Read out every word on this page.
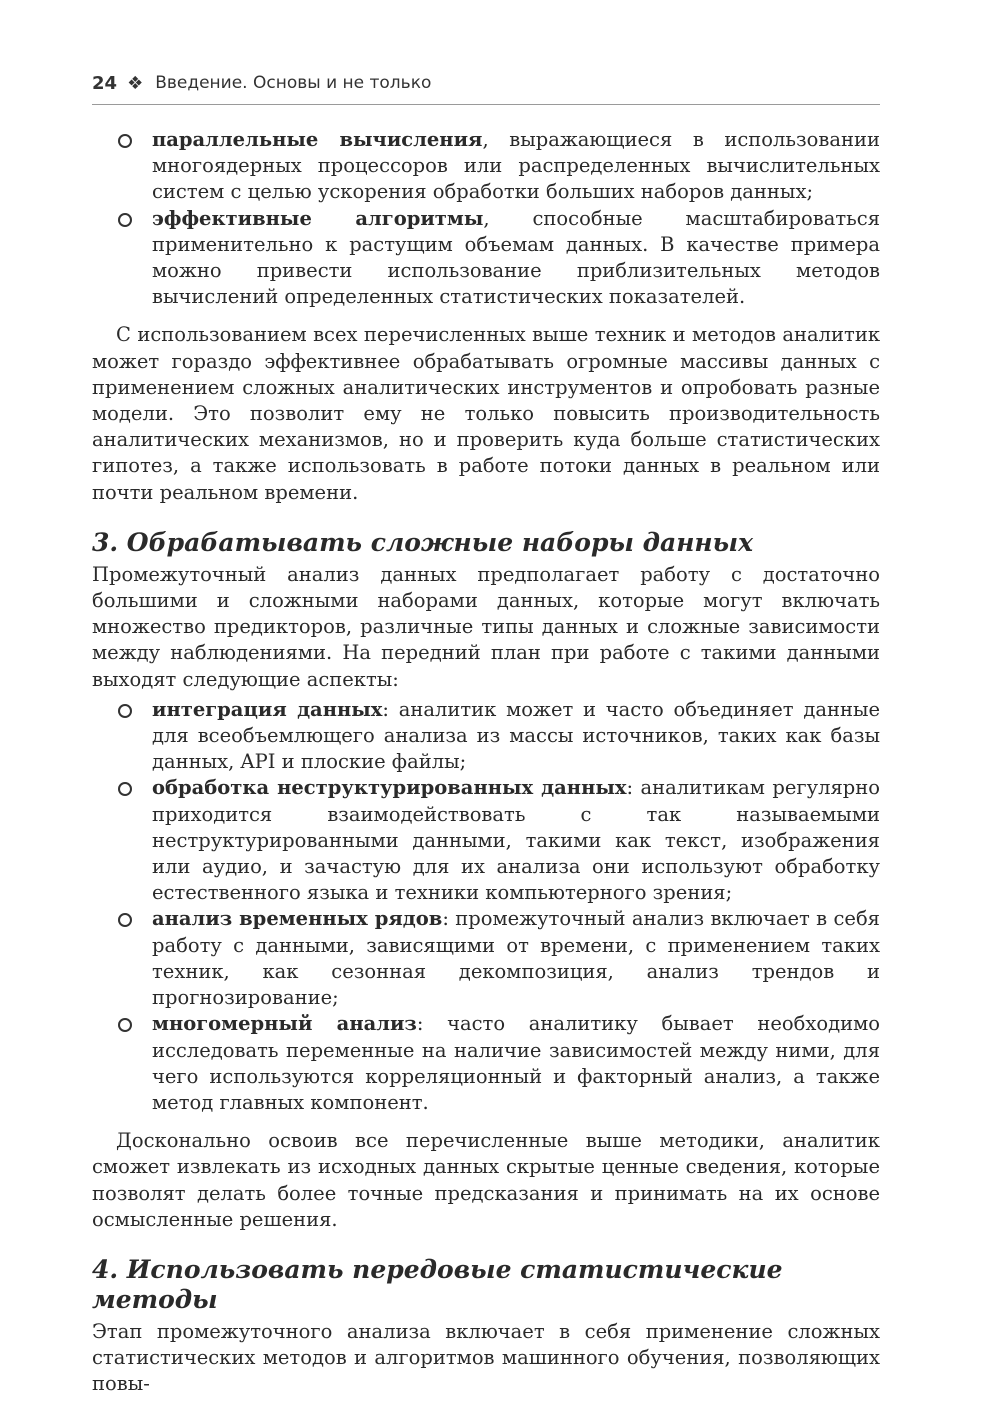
24 ❖ Введение. Основы и не только
параллельные вычисления, выражающиеся в использовании многоядерных процессоров или распределенных вычислительных систем с целью ускорения обработки больших наборов данных;
эффективные алгоритмы, способные масштабироваться применительно к растущим объемам данных. В качестве примера можно привести использование приблизительных методов вычислений определенных статистических показателей.

С использованием всех перечисленных выше техник и методов аналитик может гораздо эффективнее обрабатывать огромные массивы данных с применением сложных аналитических инструментов и опробовать разные модели. Это позволит ему не только повысить производительность аналитических механизмов, но и проверить куда больше статистических гипотез, а также использовать в работе потоки данных в реальном или почти реальном времени.

3. Обрабатывать сложные наборы данных

Промежуточный анализ данных предполагает работу с достаточно большими и сложными наборами данных, которые могут включать множество предикторов, различные типы данных и сложные зависимости между наблюдениями. На передний план при работе с такими данными выходят следующие аспекты:

интеграция данных: аналитик может и часто объединяет данные для всеобъемлющего анализа из массы источников, таких как базы данных, API и плоские файлы;
обработка неструктурированных данных: аналитикам регулярно приходится взаимодействовать с так называемыми неструктурированными данными, такими как текст, изображения или аудио, и зачастую для их анализа они используют обработку естественного языка и техники компьютерного зрения;
анализ временных рядов: промежуточный анализ включает в себя работу с данными, зависящими от времени, с применением таких техник, как сезонная декомпозиция, анализ трендов и прогнозирование;
многомерный анализ: часто аналитику бывает необходимо исследовать переменные на наличие зависимостей между ними, для чего используются корреляционный и факторный анализ, а также метод главных компонент.

Досконально освоив все перечисленные выше методики, аналитик сможет извлекать из исходных данных скрытые ценные сведения, которые позволят делать более точные предсказания и принимать на их основе осмысленные решения.

4. Использовать передовые статистические методы

Этап промежуточного анализа включает в себя применение сложных статистических методов и алгоритмов машинного обучения, позволяющих повы-
